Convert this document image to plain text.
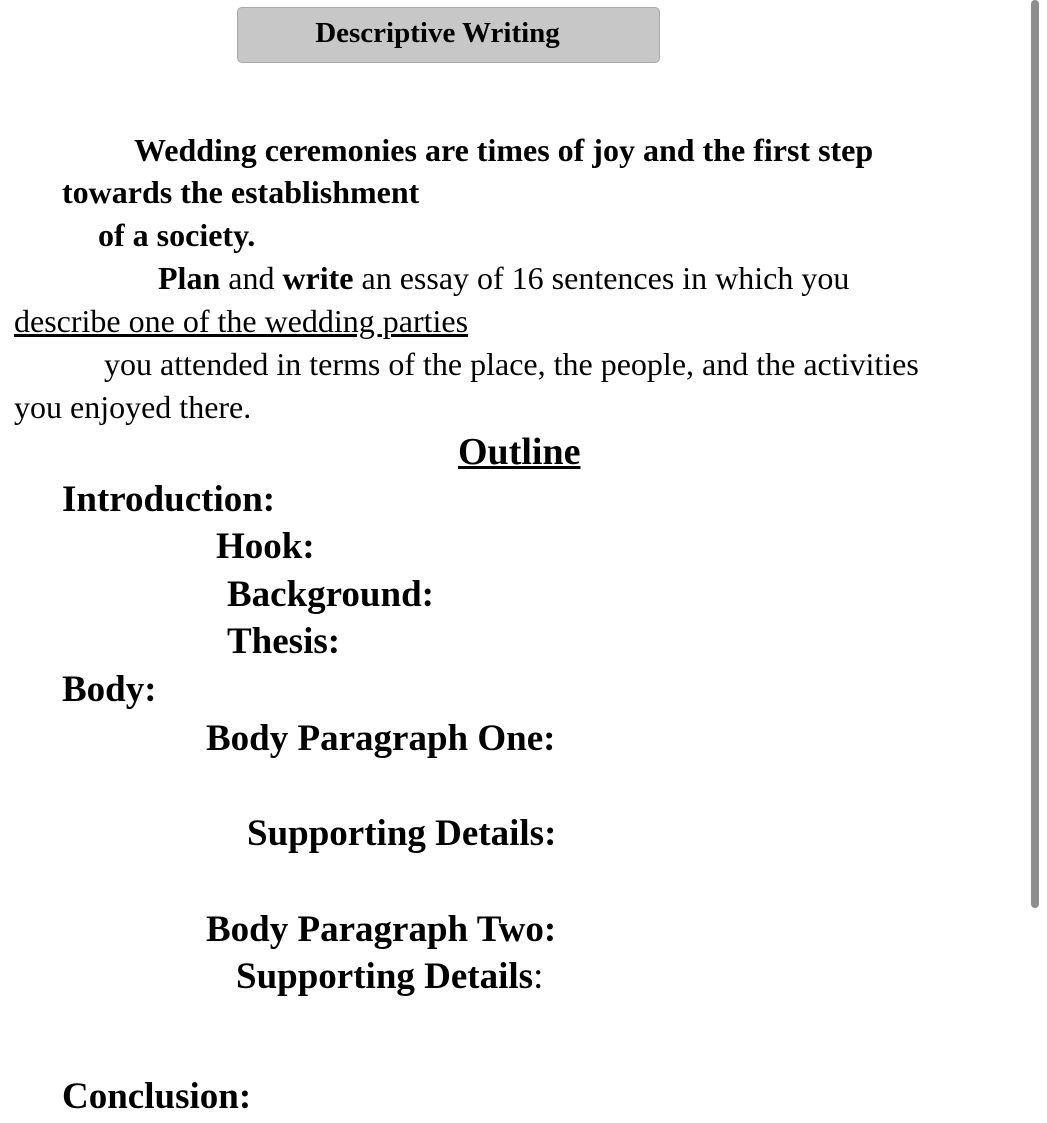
Descriptive Writing
Wedding ceremonies are times of joy and the first step
towards the establishment
of a society.
Plan and write an essay of 16 sentences in which you
describe one of the wedding parties
you attended in terms of the place, the people, and the activities
you enjoyed there.
Outline
Introduction:
Hook:
Background:
Thesis:
Body:
Body Paragraph One:
Supporting Details:
Body Paragraph Two:
Supporting Details:
Conclusion:
